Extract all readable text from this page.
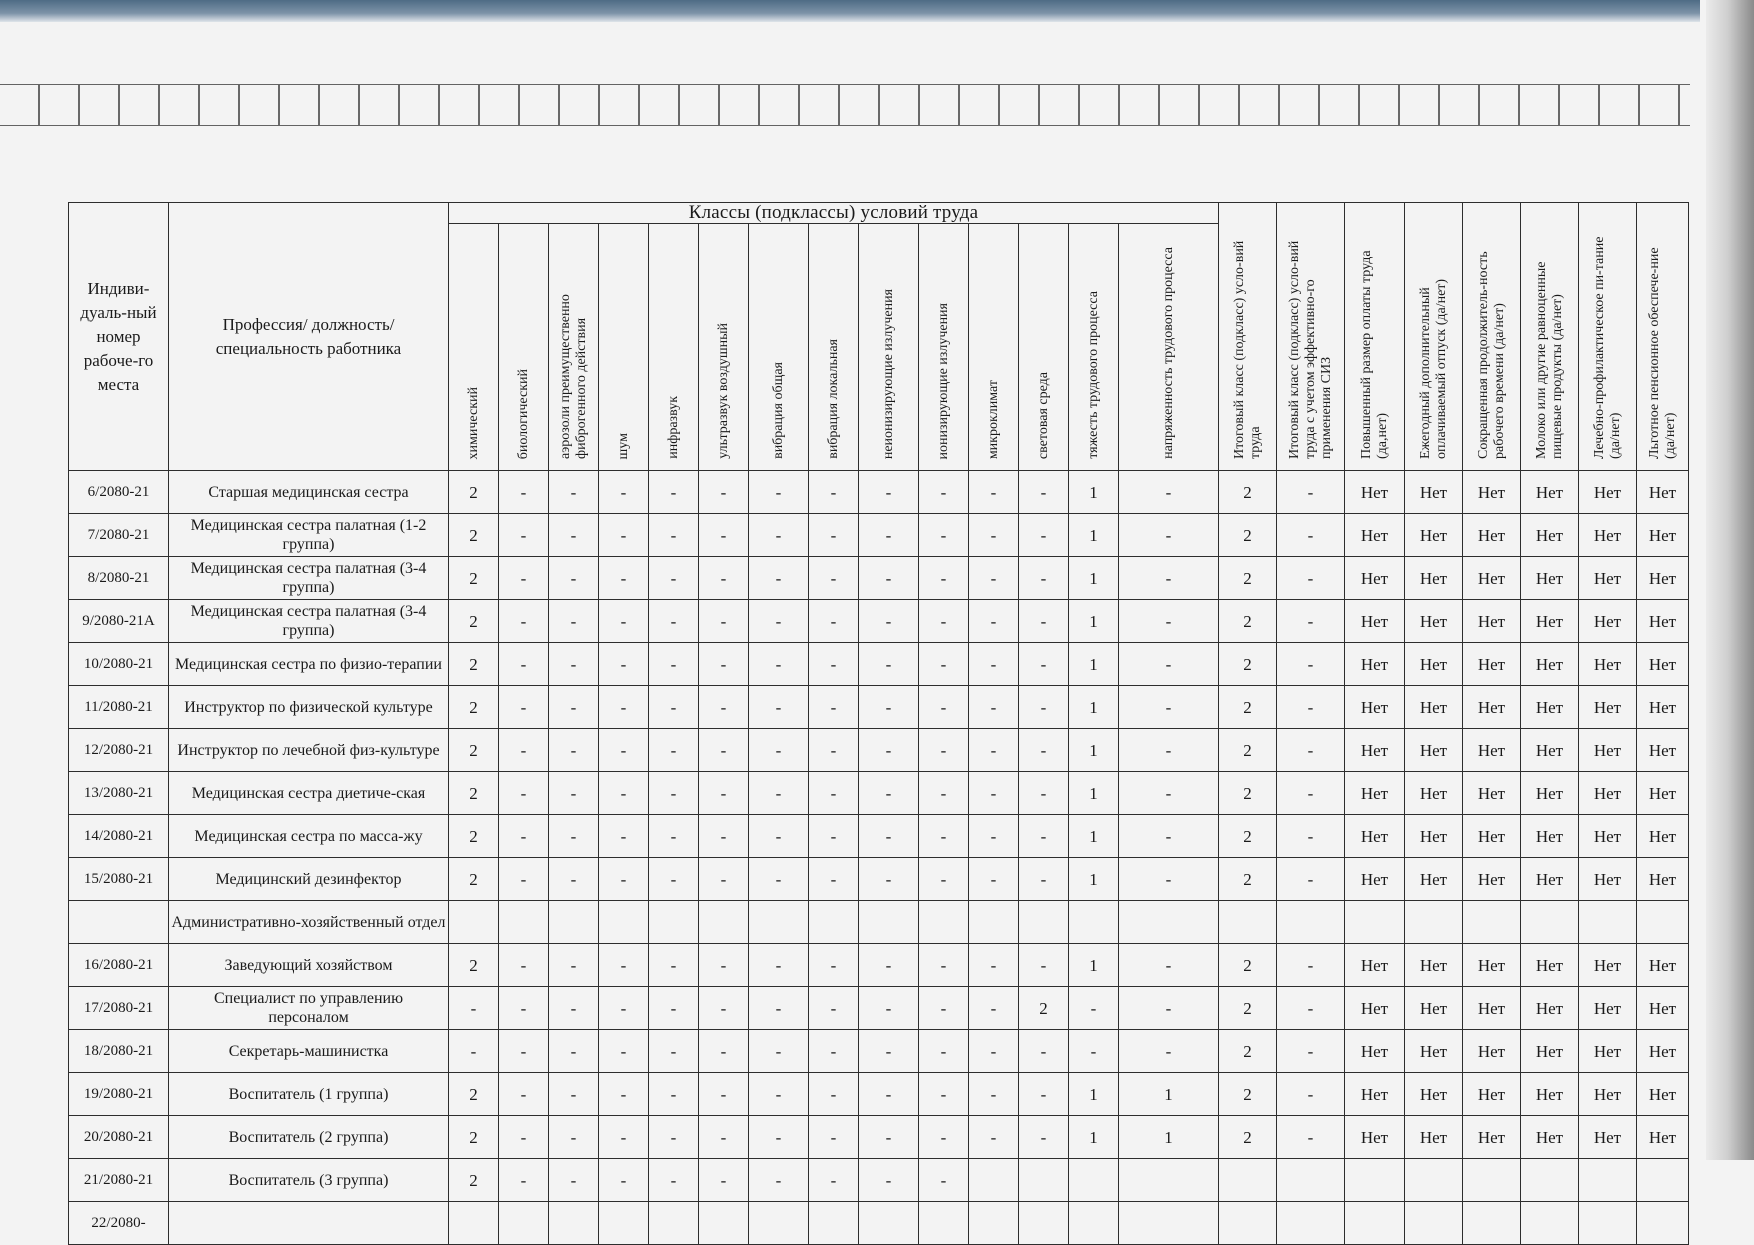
Индиви-дуаль-ный номер рабоче-го места	Профессия/ должность/ специальность работника	Классы (подклассы) условий труда														Итоговый класс (подкласс) усло-вий труда	Итоговый класс (подкласс) усло-вий труда с учетом эффективно-го применения СИЗ	Повышенный размер оплаты труда (да,нет)	Ежегодный дополнительный оплачиваемый отпуск (да/нет)	Сокращенная продолжитель-ность рабочего времени (да/нет)	Молоко или другие равноценные пищевые продукты (да/нет)	Лечебно-профилактическое пи-тание (да/нет)	Льготное пенсионное обеспече-ние (да/нет)
		химический	биологический	аэрозоли преимущественно фиброгенного действия	шум	инфразвук	ультразвук воздушный	вибрация общая	вибрация локальная	неионизирующие излучения	ионизирующие излучения	микроклимат	световая среда	тяжесть трудового процесса	напряженность трудового процесса								
6/2080-21	Старшая медицинская сестра	2	-	-	-	-	-	-	-	-	-	-	-	1	-	2	-	Нет	Нет	Нет	Нет	Нет	Нет
7/2080-21	Медицинская сестра палатная (1-2 группа)	2	-	-	-	-	-	-	-	-	-	-	-	1	-	2	-	Нет	Нет	Нет	Нет	Нет	Нет
8/2080-21	Медицинская сестра палатная (3-4 группа)	2	-	-	-	-	-	-	-	-	-	-	-	1	-	2	-	Нет	Нет	Нет	Нет	Нет	Нет
9/2080-21А	Медицинская сестра палатная (3-4 группа)	2	-	-	-	-	-	-	-	-	-	-	-	1	-	2	-	Нет	Нет	Нет	Нет	Нет	Нет
10/2080-21	Медицинская сестра по физио-терапии	2	-	-	-	-	-	-	-	-	-	-	-	1	-	2	-	Нет	Нет	Нет	Нет	Нет	Нет
11/2080-21	Инструктор по физической культуре	2	-	-	-	-	-	-	-	-	-	-	-	1	-	2	-	Нет	Нет	Нет	Нет	Нет	Нет
12/2080-21	Инструктор по лечебной физ-культуре	2	-	-	-	-	-	-	-	-	-	-	-	1	-	2	-	Нет	Нет	Нет	Нет	Нет	Нет
13/2080-21	Медицинская сестра диетиче-ская	2	-	-	-	-	-	-	-	-	-	-	-	1	-	2	-	Нет	Нет	Нет	Нет	Нет	Нет
14/2080-21	Медицинская сестра по масса-жу	2	-	-	-	-	-	-	-	-	-	-	-	1	-	2	-	Нет	Нет	Нет	Нет	Нет	Нет
15/2080-21	Медицинский дезинфектор	2	-	-	-	-	-	-	-	-	-	-	-	1	-	2	-	Нет	Нет	Нет	Нет	Нет	Нет
	Административно-хозяйственный отдел																						
16/2080-21	Заведующий хозяйством	2	-	-	-	-	-	-	-	-	-	-	-	1	-	2	-	Нет	Нет	Нет	Нет	Нет	Нет
17/2080-21	Специалист по управлению персоналом	-	-	-	-	-	-	-	-	-	-	-	2	-	-	2	-	Нет	Нет	Нет	Нет	Нет	Нет
18/2080-21	Секретарь-машинистка	-	-	-	-	-	-	-	-	-	-	-	-	-	-	2	-	Нет	Нет	Нет	Нет	Нет	Нет
19/2080-21	Воспитатель (1 группа)	2	-	-	-	-	-	-	-	-	-	-	-	1	1	2	-	Нет	Нет	Нет	Нет	Нет	Нет
20/2080-21	Воспитатель (2 группа)	2	-	-	-	-	-	-	-	-	-	-	-	1	1	2	-	Нет	Нет	Нет	Нет	Нет	Нет
21/2080-21	Воспитатель (3 группа)	2	-	-	-	-	-	-	-	-	-												
22/2080-																							
